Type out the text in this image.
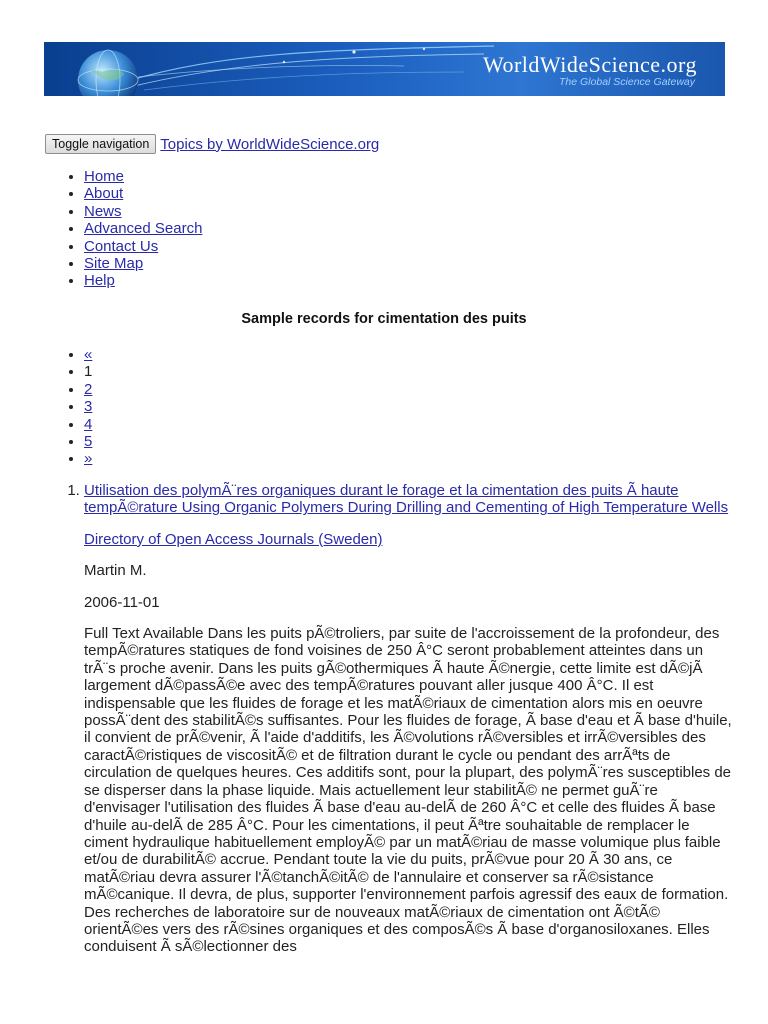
0101010100101
WorldWideScience.org
The Global Science Gateway
Toggle navigation Topics by WorldWideScience.org
• Home
• About
• News
• Advanced Search
• Contact Us
• Site Map
• Help
Sample records for cimentation des puits
• «
• 1
• 2
• 3
• 4
• 5
• »
1. Utilisation des polymÃ¨res organiques durant le forage et la cimentation des puits Ã haute tempÃ©rature Using Organic Polymers During Drilling and Cementing of High Temperature Wells
Directory of Open Access Journals (Sweden)
Martin M.
2006-11-01
Full Text Available Dans les puits pÃ©troliers, par suite de l'accroissement de la profondeur, des tempÃ©ratures statiques de fond voisines de 250 Â°C seront probablement atteintes dans un trÃ¨s proche avenir. Dans les puits gÃ©othermiques Ã haute Ã©nergie, cette limite est dÃ©jÃ largement dÃ©passÃ©e avec des tempÃ©ratures pouvant aller jusque 400 Â°C. Il est indispensable que les fluides de forage et les matÃ©riaux de cimentation alors mis en oeuvre possÃ¨dent des stabilitÃ©s suffisantes. Pour les fluides de forage, Ã base d'eau et Ã base d'huile, il convient de prÃ©venir, Ã l'aide d'additifs, les Ã©volutions rÃ©versibles et irrÃ©versibles des caractÃ©ristiques de viscositÃ© et de filtration durant le cycle ou pendant des arrÃªts de circulation de quelques heures. Ces additifs sont, pour la plupart, des polymÃ¨res susceptibles de se disperser dans la phase liquide. Mais actuellement leur stabilitÃ© ne permet guÃ¨re d'envisager l'utilisation des fluides Ã base d'eau au-delÃ de 260 Â°C et celle des fluides Ã base d'huile au-delÃ de 285 Â°C. Pour les cimentations, il peut Ãªtre souhaitable de remplacer le ciment hydraulique habituellement employÃ© par un matÃ©riau de masse volumique plus faible et/ou de durabilitÃ© accrue. Pendant toute la vie du puits, prÃ©vue pour 20 Ã 30 ans, ce matÃ©riau devra assurer l'Ã©tanchÃ©itÃ© de l'annulaire et conserver sa rÃ©sistance mÃ©canique. Il devra, de plus, supporter l'environnement parfois agressif des eaux de formation. Des recherches de laboratoire sur de nouveaux matÃ©riaux de cimentation ont Ã©tÃ© orientÃ©es vers des rÃ©sines organiques et des composÃ©s Ã base d'organosiloxanes. Elles conduisent Ã sÃ©lectionner des
